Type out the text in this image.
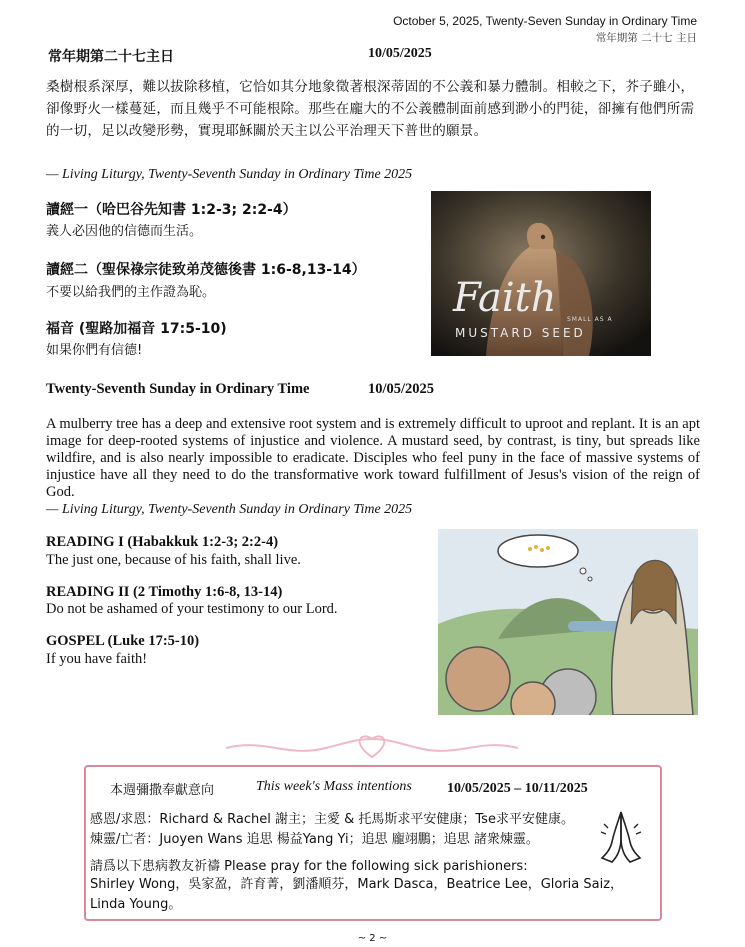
October 5, 2025, Twenty-Seven Sunday in Ordinary Time
常年期第 二十七 主日
常年期第二十七主日	10/05/2025
桑樹根系深厚，難以拔除移植，它恰如其分地象徵著根深蒂固的不公義和暴力體制。相較之下，芥子雖小，卻像野火一樣蔓延，而且幾乎不可能根除。那些在龐大的不公義體制面前感到渺小的門徒，卻擁有他們所需的一切，足以改變形勢，實現耶穌關於天主以公平治理天下普世的願景。
— Living Liturgy, Twenty-Seventh Sunday in Ordinary Time 2025
讀經一（哈巴谷先知書 1:2-3; 2:2-4）
義人必因他的信德而生活。
讀經二（聖保祿宗徒致弟茂德後書 1:6-8,13-14）
不要以給我們的主作證為恥。
福音 (聖路加福音 17:5-10)
如果你們有信德!
Faith SMALL AS A
MUSTARD SEED
Twenty-Seventh Sunday in Ordinary Time	10/05/2025
A mulberry tree has a deep and extensive root system and is extremely difficult to uproot and replant. It is an apt image for deep-rooted systems of injustice and violence. A mustard seed, by contrast, is tiny, but spreads like wildfire, and is also nearly impossible to eradicate. Disciples who feel puny in the face of massive systems of injustice have all they need to do the transformative work toward fulfillment of Jesus's vision of the reign of God.
— Living Liturgy, Twenty-Seventh Sunday in Ordinary Time 2025
READING I (Habakkuk 1:2-3; 2:2-4)
The just one, because of his faith, shall live.
READING II (2 Timothy 1:6-8, 13-14)
Do not be ashamed of your testimony to our Lord.
GOSPEL (Luke 17:5-10)
If you have faith!
本週彌撒奉獻意向	This week's Mass intentions	10/05/2025 – 10/11/2025
感恩/求恩：Richard & Rachel 謝主；主愛 & 托馬斯求平安健康；Tse求平安健康。
煉靈/亡者：Juoyen Wans 追思 楊益Yang Yi；追思 龐翊鵬；追思 諸衆煉靈。
請爲以下患病教友祈禱 Please pray for the following sick parishioners:
Shirley Wong，吳家盈，許育菁，劉潘順芬，Mark Dasca，Beatrice Lee，Gloria Saiz，
Linda Young。
~ 2 ~
